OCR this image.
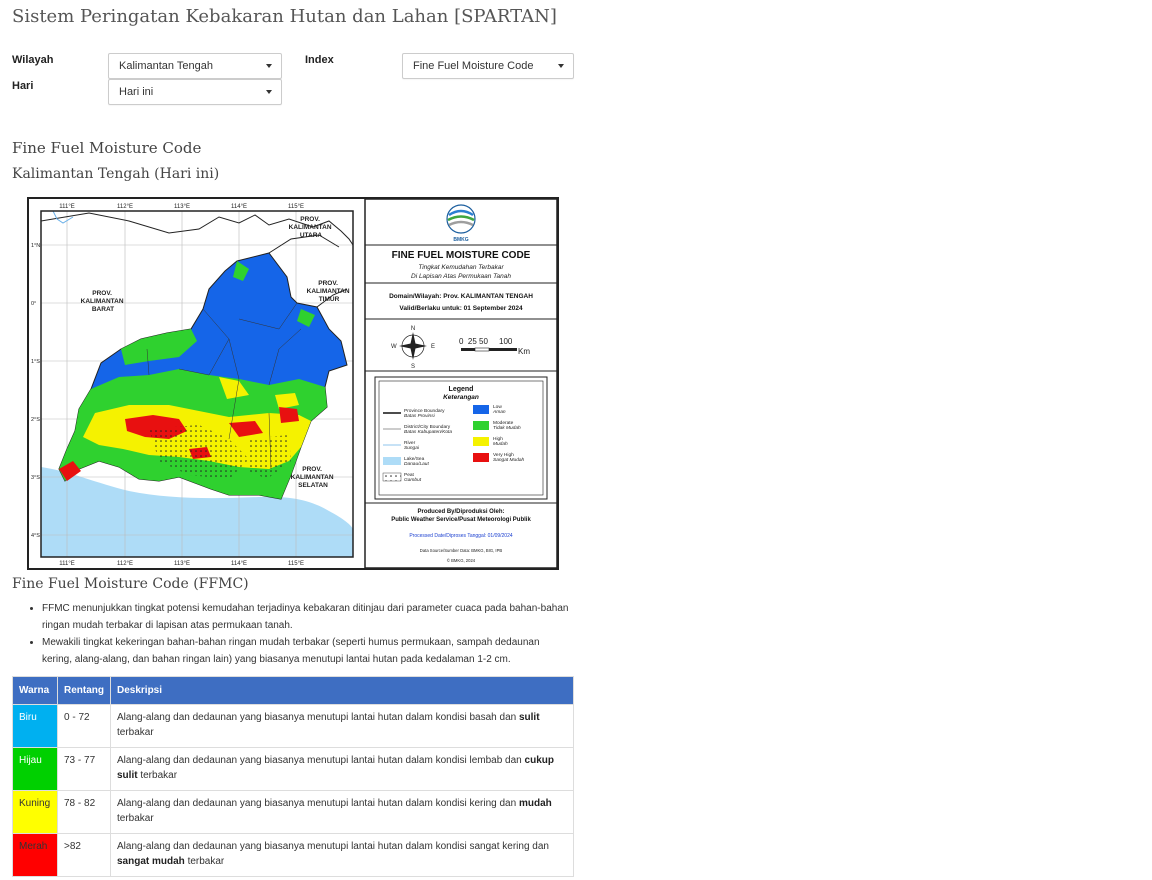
Sistem Peringatan Kebakaran Hutan dan Lahan [SPARTAN]
Wilayah	Kalimantan Tengah
Hari	Hari ini
Index	Fine Fuel Moisture Code
Fine Fuel Moisture Code
Kalimantan Tengah (Hari ini)
111°E	112°E	113°E	114°E	115°E
111°E	112°E	113°E	114°E	115°E
1°N
0°
1°S
2°S
3°S
4°S
PROV. KALIMANTAN BARAT
PROV. KALIMANTAN UTARA
PROV. KALIMANTAN TIMUR
PROV. KALIMANTAN SELATAN
BMKG
FINE FUEL MOISTURE CODE
Tingkat Kemudahan Terbakar
Di Lapisan Atas Permukaan Tanah
Domain/Wilayah: Prov. KALIMANTAN TENGAH
Valid/Berlaku untuk: 01 September 2024
N
S
E
W
0  25 50     100
Km
Legend
Keterangan
Province Boundary
Batas Provinsi
District/City Boundary
Batas Kabupaten/Kota
River
Sungai
Lake/Sea
Danau/Laut
Peat
Gambut
Low
Aman
Moderate
Tidak Mudah
High
Mudah
Very High
Sangat Mudah
Produced By/Diproduksi Oleh:
Public Weather Service/Pusat Meteorologi Publik
Processed Date/Diproses Tanggal: 01/09/2024
Data Source/Sumber Data: BMKG, BIG, IPB
© BMKG, 2024
Fine Fuel Moisture Code (FFMC)
• FFMC menunjukkan tingkat potensi kemudahan terjadinya kebakaran ditinjau dari parameter cuaca pada bahan-bahan ringan mudah terbakar di lapisan atas permukaan tanah.
• Mewakili tingkat kekeringan bahan-bahan ringan mudah terbakar (seperti humus permukaan, sampah dedaunan kering, alang-alang, dan bahan ringan lain) yang biasanya menutupi lantai hutan pada kedalaman 1-2 cm.
Warna	Rentang	Deskripsi
Biru	0 - 72	Alang-alang dan dedaunan yang biasanya menutupi lantai hutan dalam kondisi basah dan sulit terbakar
Hijau	73 - 77	Alang-alang dan dedaunan yang biasanya menutupi lantai hutan dalam kondisi lembab dan cukup sulit terbakar
Kuning	78 - 82	Alang-alang dan dedaunan yang biasanya menutupi lantai hutan dalam kondisi kering dan mudah terbakar
Merah	>82	Alang-alang dan dedaunan yang biasanya menutupi lantai hutan dalam kondisi sangat kering dan sangat mudah terbakar
